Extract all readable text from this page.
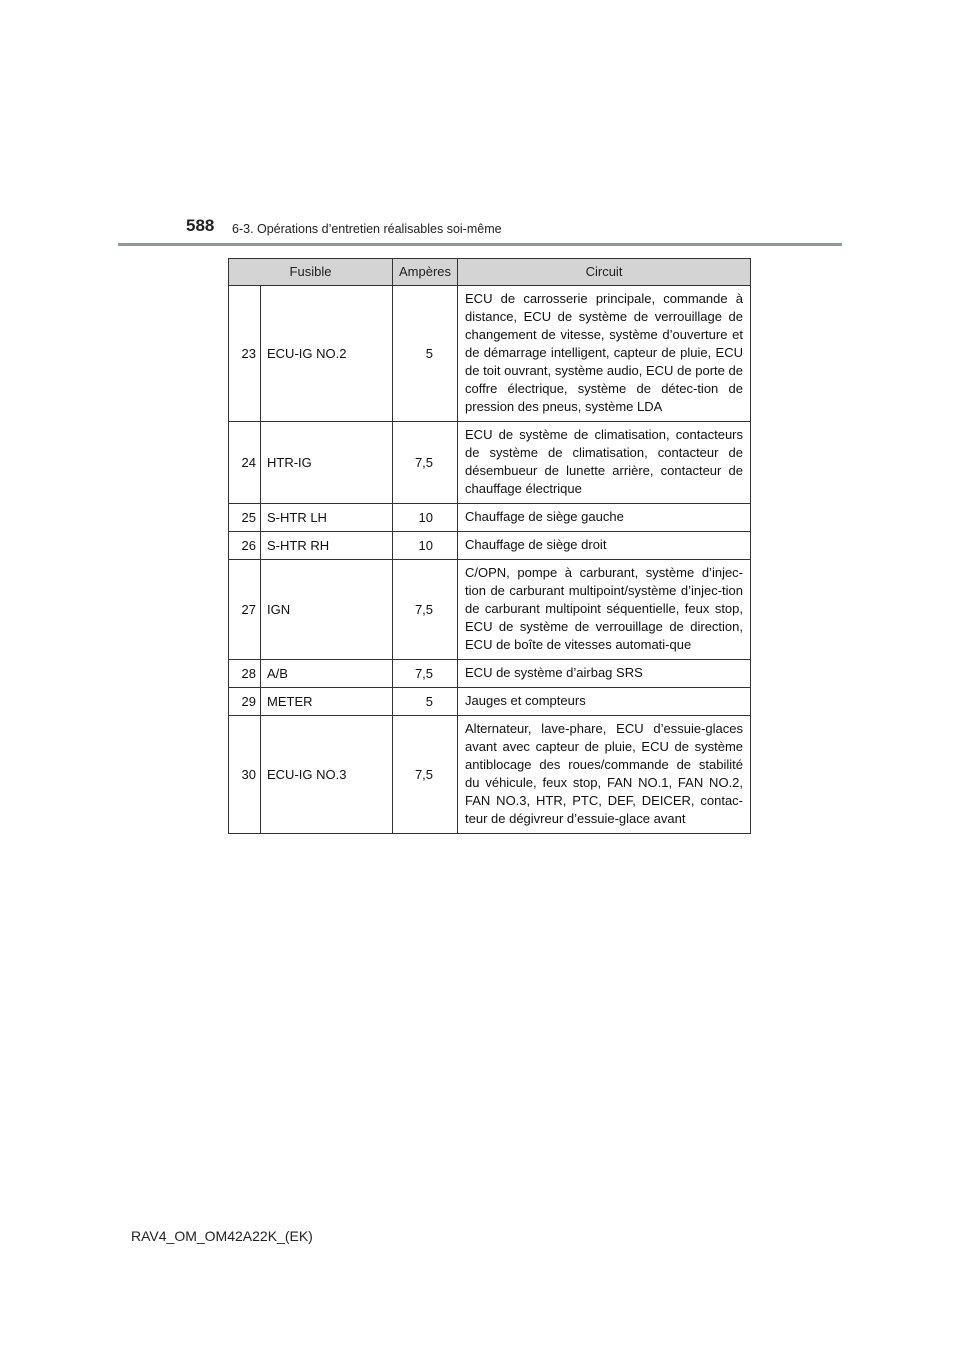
588 6-3. Opérations d’entretien réalisables soi-même
Fusible		Ampères	Circuit
23	ECU-IG NO.2	5	ECU de carrosserie principale, commande à distance, ECU de système de verrouillage de changement de vitesse, système d’ouverture et de démarrage intelligent, capteur de pluie, ECU de toit ouvrant, système audio, ECU de porte de coffre électrique, système de détec-tion de pression des pneus, système LDA
24	HTR-IG	7,5	ECU de système de climatisation, contacteurs de système de climatisation, contacteur de désembueur de lunette arrière, contacteur de chauffage électrique
25	S-HTR LH	10	Chauffage de siège gauche
26	S-HTR RH	10	Chauffage de siège droit
27	IGN	7,5	C/OPN, pompe à carburant, système d’injec-tion de carburant multipoint/système d’injec-tion de carburant multipoint séquentielle, feux stop, ECU de système de verrouillage de direction, ECU de boîte de vitesses automati-que
28	A/B	7,5	ECU de système d’airbag SRS
29	METER	5	Jauges et compteurs
30	ECU-IG NO.3	7,5	Alternateur, lave-phare, ECU d’essuie-glaces avant avec capteur de pluie, ECU de système antiblocage des roues/commande de stabilité du véhicule, feux stop, FAN NO.1, FAN NO.2, FAN NO.3, HTR, PTC, DEF, DEICER, contac-teur de dégivreur d’essuie-glace avant
RAV4_OM_OM42A22K_(EK)
